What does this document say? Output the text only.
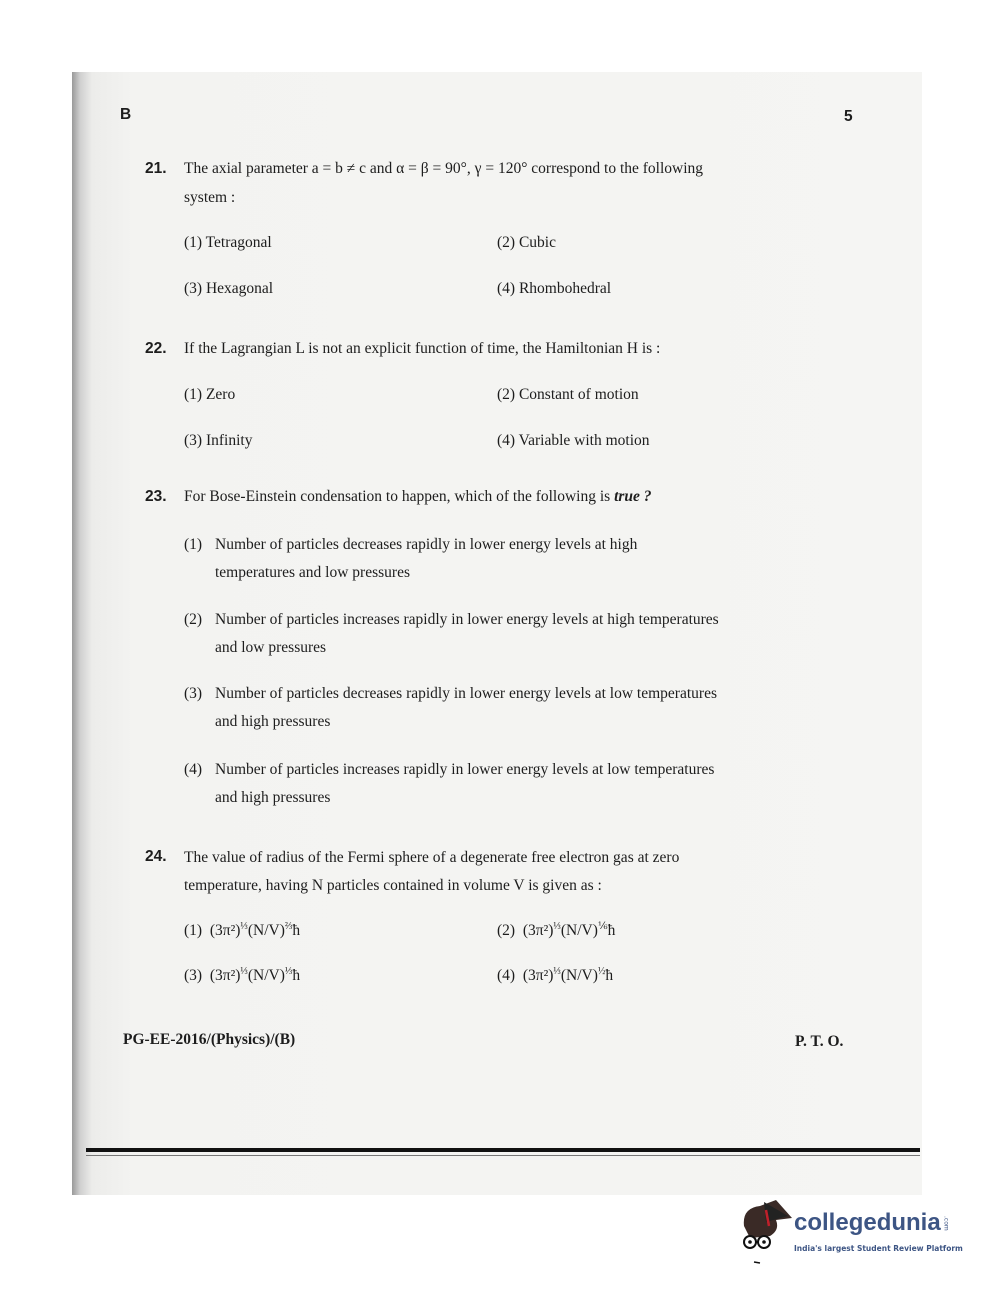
B	5
21. The axial parameter a = b ≠ c and α = β = 90°, γ = 120° correspond to the following
system :
(1) Tetragonal	(2) Cubic
(3) Hexagonal	(4) Rhombohedral
22. If the Lagrangian L is not an explicit function of time, the Hamiltonian H is :
(1) Zero	(2) Constant of motion
(3) Infinity	(4) Variable with motion
23. For Bose-Einstein condensation to happen, which of the following is true ?
(1) Number of particles decreases rapidly in lower energy levels at high
temperatures and low pressures
(2) Number of particles increases rapidly in lower energy levels at high temperatures
and low pressures
(3) Number of particles decreases rapidly in lower energy levels at low temperatures
and high pressures
(4) Number of particles increases rapidly in lower energy levels at low temperatures
and high pressures
24. The value of radius of the Fermi sphere of a degenerate free electron gas at zero
temperature, having N particles contained in volume V is given as :
(1) $(3\pi^2)^{\frac{1}{3}}(N/V)^{\frac{2}{3}}ħ$	(2) $(3\pi^2)^{\frac{1}{3}}(N/V)^{\frac{1}{6}}ħ$
(3) $(3\pi^2)^{\frac{1}{3}}(N/V)^{\frac{1}{3}}ħ$	(4) $(3\pi^2)^{\frac{1}{3}}(N/V)^{\frac{1}{2}}ħ$
PG-EE-2016/(Physics)/(B)	P. T. O.
collegedunia .com
India's largest Student Review Platform
